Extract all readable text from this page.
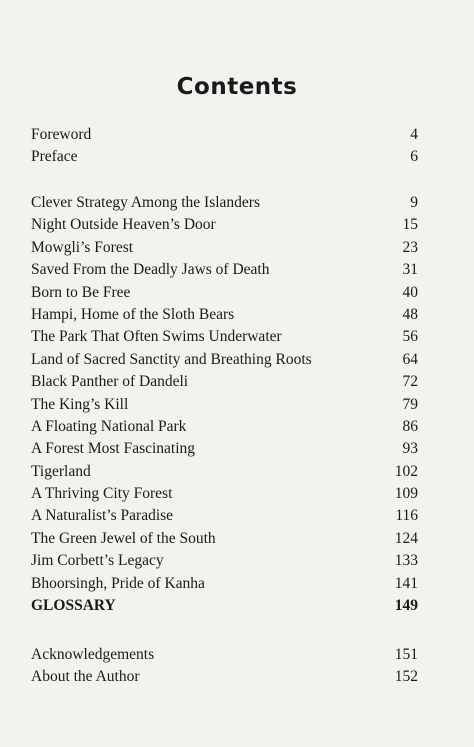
Contents
Foreword	4
Preface	6
Clever Strategy Among the Islanders	9
Night Outside Heaven’s Door	15
Mowgli’s Forest	23
Saved From the Deadly Jaws of Death	31
Born to Be Free	40
Hampi, Home of the Sloth Bears	48
The Park That Often Swims Underwater	56
Land of Sacred Sanctity and Breathing Roots	64
Black Panther of Dandeli	72
The King’s Kill	79
A Floating National Park	86
A Forest Most Fascinating	93
Tigerland	102
A Thriving City Forest	109
A Naturalist’s Paradise	116
The Green Jewel of the South	124
Jim Corbett’s Legacy	133
Bhoorsingh, Pride of Kanha	141
GLOSSARY	149
Acknowledgements	151
About the Author	152
